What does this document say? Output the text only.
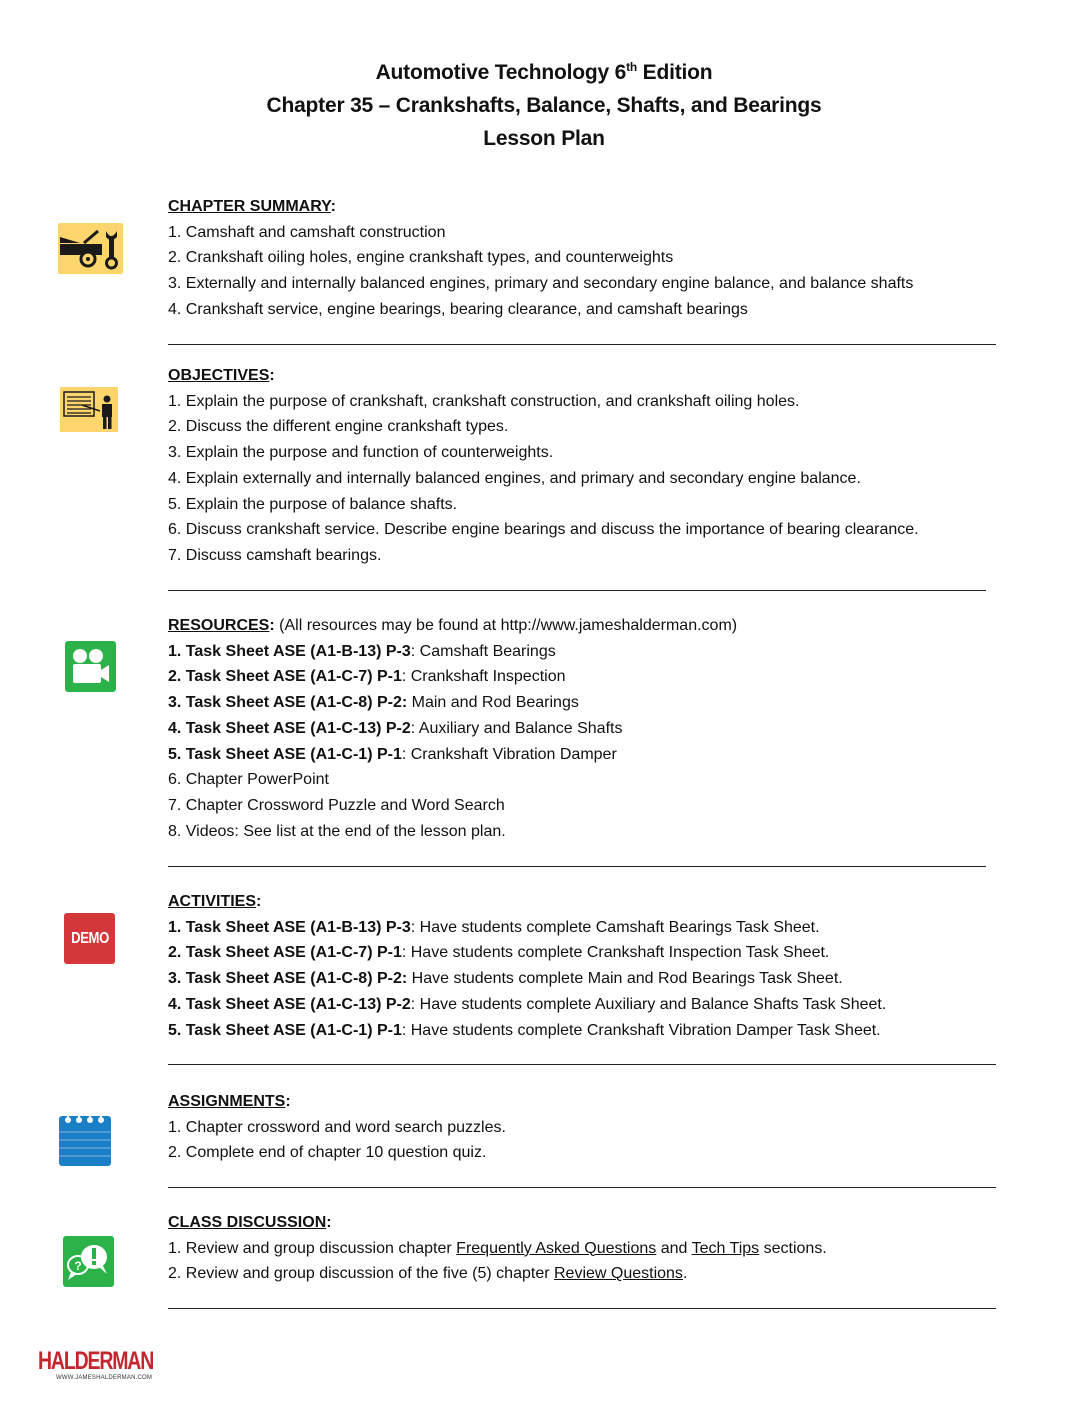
Automotive Technology 6th Edition
Chapter 35 – Crankshafts, Balance, Shafts, and Bearings
Lesson Plan
DEMO
?
CHAPTER SUMMARY:
1. Camshaft and camshaft construction
2. Crankshaft oiling holes, engine crankshaft types, and counterweights
3. Externally and internally balanced engines, primary and secondary engine balance, and balance shafts
4. Crankshaft service, engine bearings, bearing clearance, and camshaft bearings
OBJECTIVES:
1. Explain the purpose of crankshaft, crankshaft construction, and crankshaft oiling holes.
2. Discuss the different engine crankshaft types.
3. Explain the purpose and function of counterweights.
4. Explain externally and internally balanced engines, and primary and secondary engine balance.
5. Explain the purpose of balance shafts.
6. Discuss crankshaft service. Describe engine bearings and discuss the importance of bearing clearance.
7. Discuss camshaft bearings.
RESOURCES: (All resources may be found at http://www.jameshalderman.com)
1. Task Sheet ASE (A1-B-13) P-3: Camshaft Bearings
2. Task Sheet ASE (A1-C-7) P-1: Crankshaft Inspection
3. Task Sheet ASE (A1-C-8) P-2: Main and Rod Bearings
4. Task Sheet ASE (A1-C-13) P-2: Auxiliary and Balance Shafts
5. Task Sheet ASE (A1-C-1) P-1: Crankshaft Vibration Damper
6. Chapter PowerPoint
7. Chapter Crossword Puzzle and Word Search
8. Videos: See list at the end of the lesson plan.
ACTIVITIES:
1. Task Sheet ASE (A1-B-13) P-3: Have students complete Camshaft Bearings Task Sheet.
2. Task Sheet ASE (A1-C-7) P-1: Have students complete Crankshaft Inspection Task Sheet.
3. Task Sheet ASE (A1-C-8) P-2: Have students complete Main and Rod Bearings Task Sheet.
4. Task Sheet ASE (A1-C-13) P-2: Have students complete Auxiliary and Balance Shafts Task Sheet.
5. Task Sheet ASE (A1-C-1) P-1: Have students complete Crankshaft Vibration Damper Task Sheet.
ASSIGNMENTS:
1. Chapter crossword and word search puzzles.
2. Complete end of chapter 10 question quiz.
CLASS DISCUSSION:
1. Review and group discussion chapter Frequently Asked Questions and Tech Tips sections.
2. Review and group discussion of the five (5) chapter Review Questions.
HALDERMAN
WWW.JAMESHALDERMAN.COM
